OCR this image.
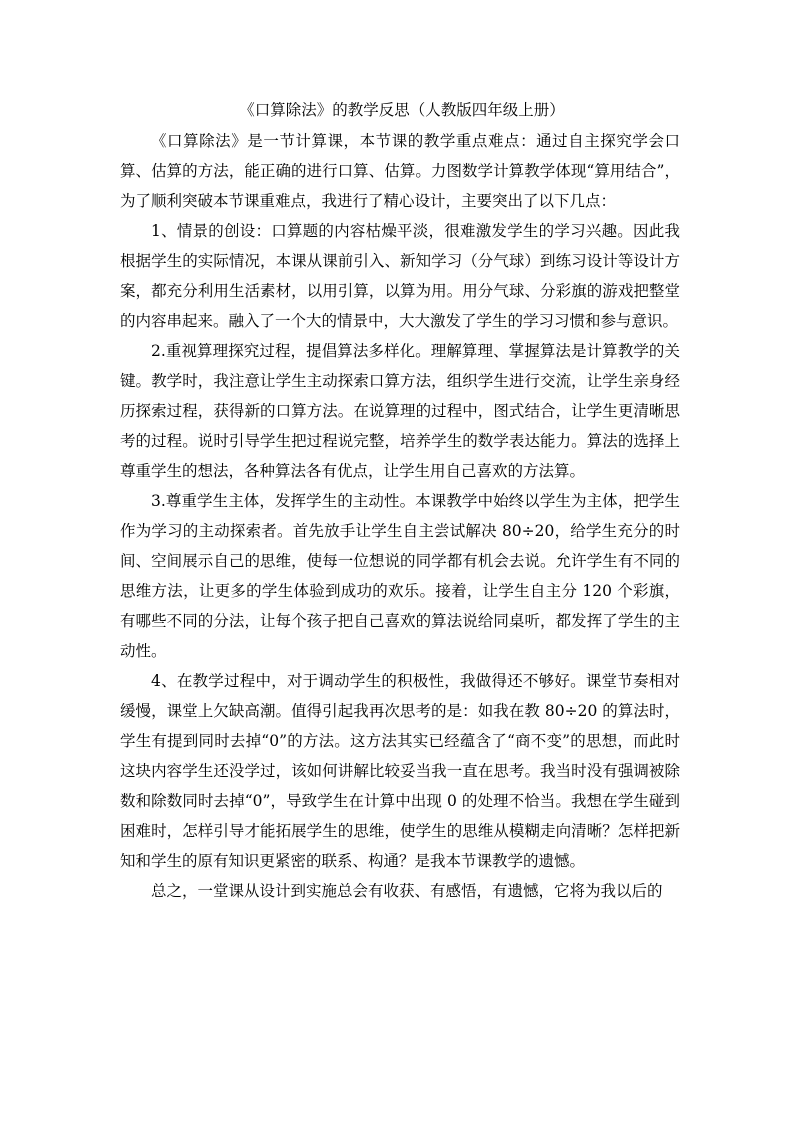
《口算除法》的教学反思（人教版四年级上册）

《口算除法》是一节计算课，本节课的教学重点难点：通过自主探究学会口算、估算的方法，能正确的进行口算、估算。力图数学计算教学体现“算用结合”，为了顺利突破本节课重难点，我进行了精心设计，主要突出了以下几点：

1、情景的创设：口算题的内容枯燥平淡，很难激发学生的学习兴趣。因此我根据学生的实际情况，本课从课前引入、新知学习（分气球）到练习设计等设计方案，都充分利用生活素材，以用引算，以算为用。用分气球、分彩旗的游戏把整堂的内容串起来。融入了一个大的情景中，大大激发了学生的学习习惯和参与意识。

2.重视算理探究过程，提倡算法多样化。理解算理、掌握算法是计算教学的关键。教学时，我注意让学生主动探索口算方法，组织学生进行交流，让学生亲身经历探索过程，获得新的口算方法。在说算理的过程中，图式结合，让学生更清晰思考的过程。说时引导学生把过程说完整，培养学生的数学表达能力。算法的选择上尊重学生的想法，各种算法各有优点，让学生用自己喜欢的方法算。

3.尊重学生主体，发挥学生的主动性。本课教学中始终以学生为主体，把学生作为学习的主动探索者。首先放手让学生自主尝试解决 80÷20，给学生充分的时间、空间展示自己的思维，使每一位想说的同学都有机会去说。允许学生有不同的思维方法，让更多的学生体验到成功的欢乐。接着，让学生自主分 120 个彩旗，有哪些不同的分法，让每个孩子把自己喜欢的算法说给同桌听，都发挥了学生的主动性。

4、在教学过程中，对于调动学生的积极性，我做得还不够好。课堂节奏相对缓慢，课堂上欠缺高潮。值得引起我再次思考的是：如我在教 80÷20 的算法时，学生有提到同时去掉“0”的方法。这方法其实已经蕴含了“商不变”的思想，而此时这块内容学生还没学过，该如何讲解比较妥当我一直在思考。我当时没有强调被除数和除数同时去掉“0”，导致学生在计算中出现 0 的处理不恰当。我想在学生碰到困难时，怎样引导才能拓展学生的思维，使学生的思维从模糊走向清晰？怎样把新知和学生的原有知识更紧密的联系、构通？是我本节课教学的遗憾。

总之，一堂课从设计到实施总会有收获、有感悟，有遗憾，它将为我以后的
